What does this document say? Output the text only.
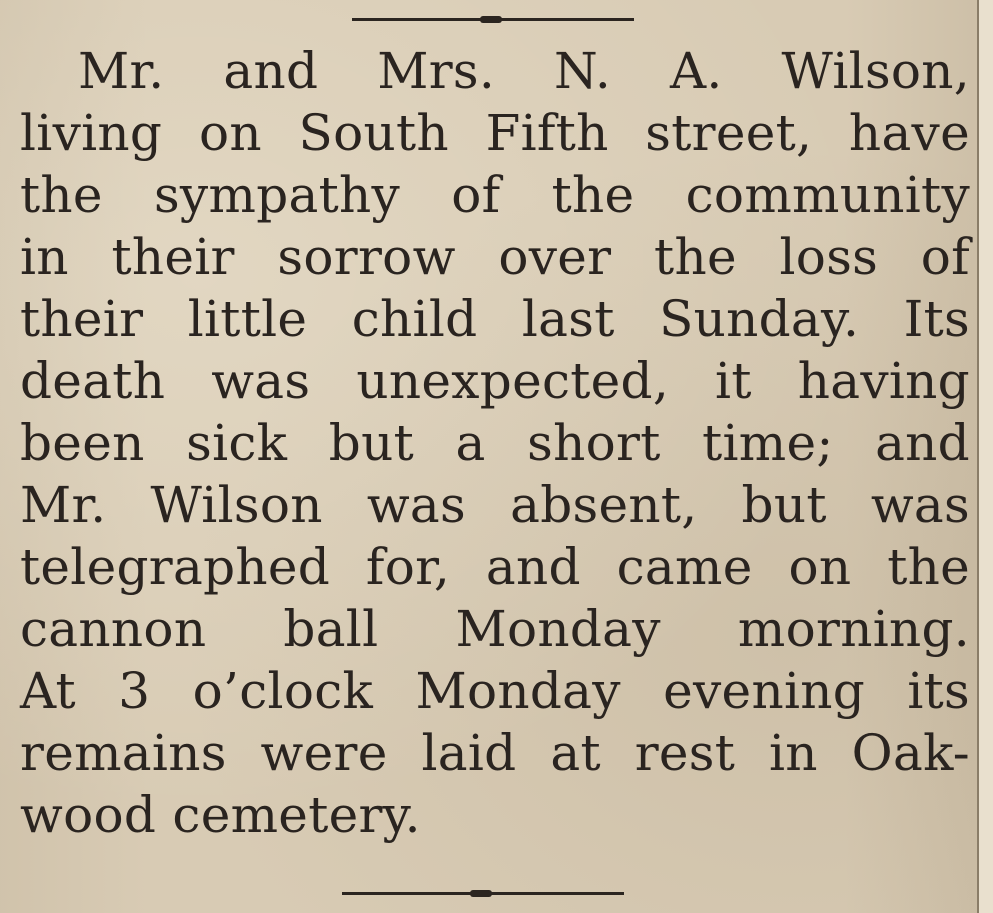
Mr. and Mrs. N. A. Wilson,
living on South Fifth street, have
the sympathy of the community
in their sorrow over the loss of
their little child last Sunday. Its
death was unexpected, it having
been sick but a short time; and
Mr. Wilson was absent, but was
telegraphed for, and came on the
cannon ball Monday morning.
At 3 o’clock Monday evening its
remains were laid at rest in Oak-
wood cemetery.
